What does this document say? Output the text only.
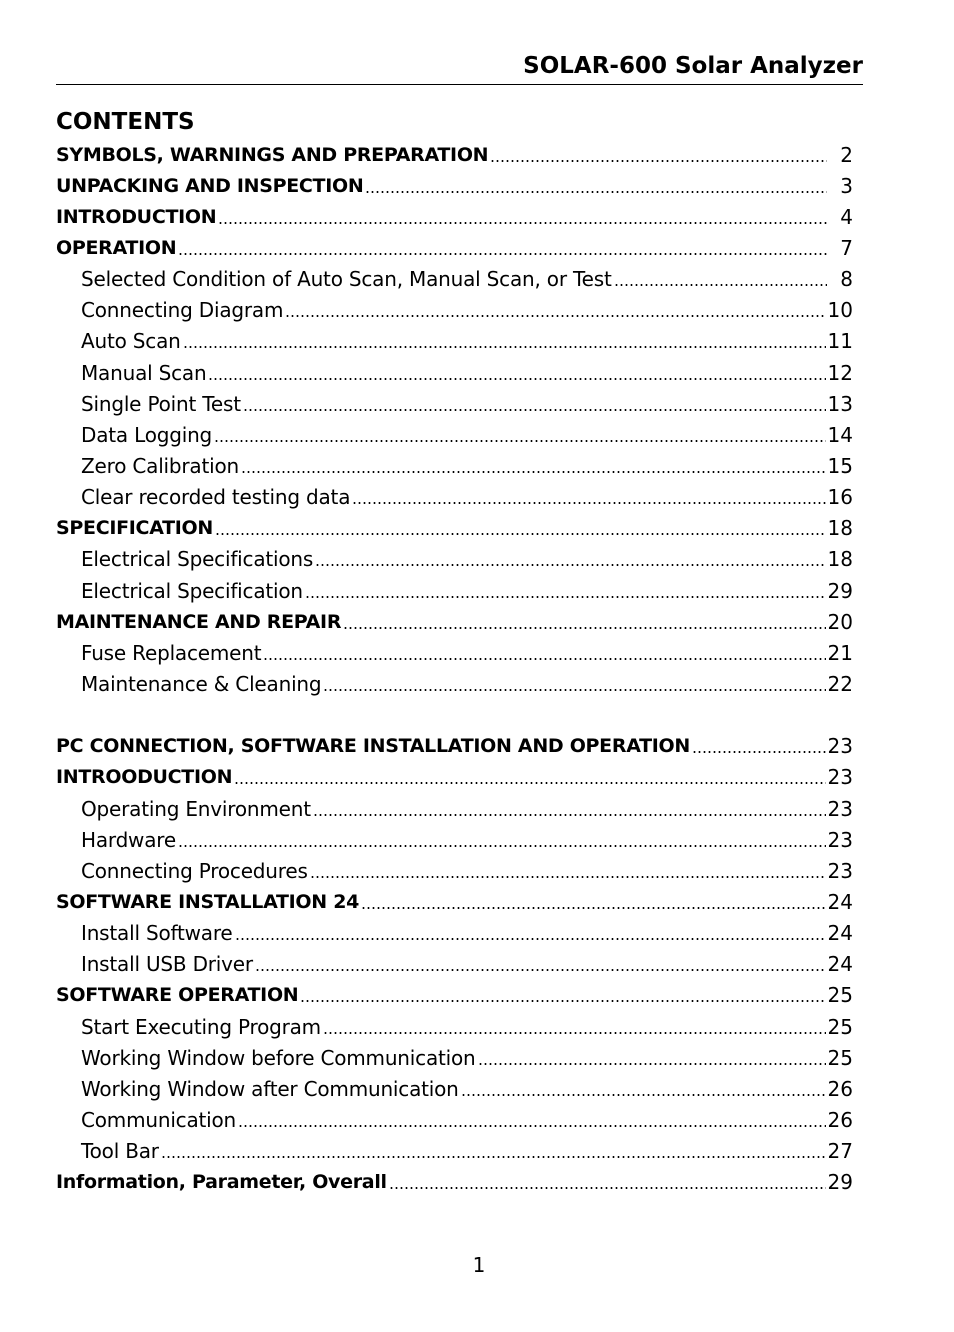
SOLAR-600 Solar Analyzer
CONTENTS
SYMBOLS, WARNINGS AND PREPARATION	2
UNPACKING AND INSPECTION	3
INTRODUCTION	4
OPERATION	7
Selected Condition of Auto Scan, Manual Scan, or Test	8
Connecting Diagram	10
Auto Scan	11
Manual Scan	12
Single Point Test	13
Data Logging	14
Zero Calibration	15
Clear recorded testing data	16
SPECIFICATION	18
Electrical Specifications	18
Electrical Specification	29
MAINTENANCE AND REPAIR	20
Fuse Replacement	21
Maintenance & Cleaning	22
PC CONNECTION, SOFTWARE INSTALLATION AND OPERATION	23
INTROODUCTION	23
Operating Environment	23
Hardware	23
Connecting Procedures	23
SOFTWARE INSTALLATION 24	24
Install Software	24
Install USB Driver	24
SOFTWARE OPERATION	25
Start Executing Program	25
Working Window before Communication	25
Working Window after Communication	26
Communication	26
Tool Bar	27
Information, Parameter, Overall	29
1
